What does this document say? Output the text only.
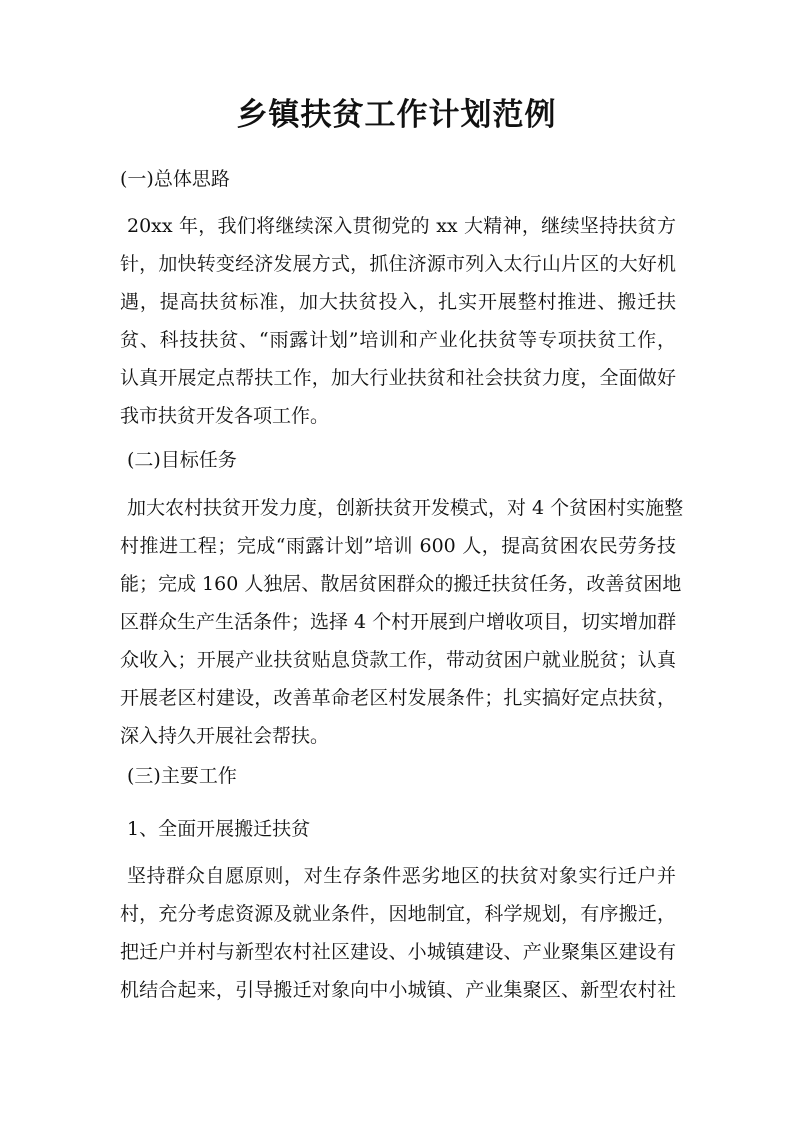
乡镇扶贫工作计划范例
(一)总体思路
20xx 年，我们将继续深入贯彻党的 xx 大精神，继续坚持扶贫方
针，加快转变经济发展方式，抓住济源市列入太行山片区的大好机
遇，提高扶贫标准，加大扶贫投入，扎实开展整村推进、搬迁扶
贫、科技扶贫、“雨露计划”培训和产业化扶贫等专项扶贫工作，
认真开展定点帮扶工作，加大行业扶贫和社会扶贫力度，全面做好
我市扶贫开发各项工作。
(二)目标任务
加大农村扶贫开发力度，创新扶贫开发模式，对 4 个贫困村实施整
村推进工程；完成“雨露计划”培训 600 人，提高贫困农民劳务技
能；完成 160 人独居、散居贫困群众的搬迁扶贫任务，改善贫困地
区群众生产生活条件；选择 4 个村开展到户增收项目，切实增加群
众收入；开展产业扶贫贴息贷款工作，带动贫困户就业脱贫；认真
开展老区村建设，改善革命老区村发展条件；扎实搞好定点扶贫，
深入持久开展社会帮扶。
(三)主要工作
1、全面开展搬迁扶贫
坚持群众自愿原则，对生存条件恶劣地区的扶贫对象实行迁户并
村，充分考虑资源及就业条件，因地制宜，科学规划，有序搬迁，
把迁户并村与新型农村社区建设、小城镇建设、产业聚集区建设有
机结合起来，引导搬迁对象向中小城镇、产业集聚区、新型农村社
